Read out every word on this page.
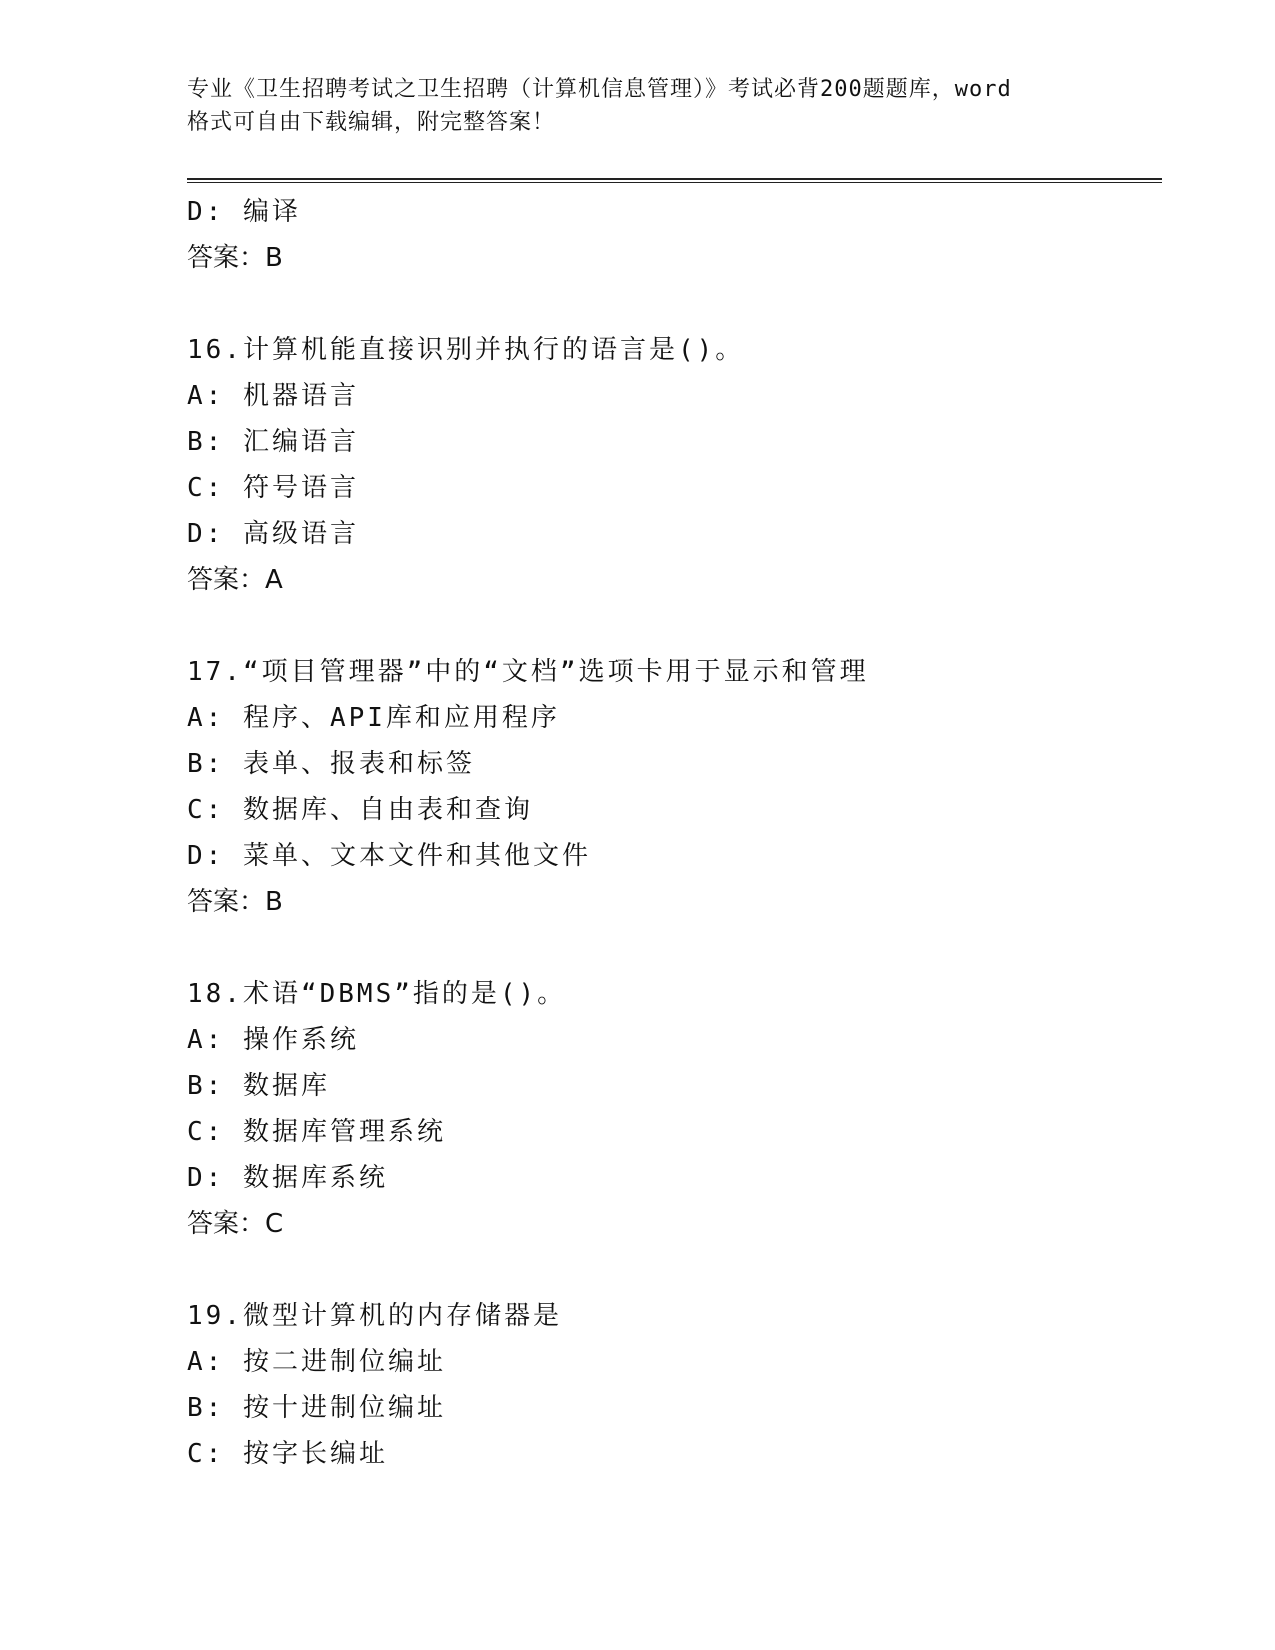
专业《卫生招聘考试之卫生招聘（计算机信息管理）》考试必背200题题库，word
格式可自由下载编辑，附完整答案！
D: 编译
答案：B
16.计算机能直接识别并执行的语言是()。
A: 机器语言
B: 汇编语言
C: 符号语言
D: 高级语言
答案：A
17.“项目管理器”中的“文档”选项卡用于显示和管理
A: 程序、API库和应用程序
B: 表单、报表和标签
C: 数据库、自由表和查询
D: 菜单、文本文件和其他文件
答案：B
18.术语“DBMS”指的是()。
A: 操作系统
B: 数据库
C: 数据库管理系统
D: 数据库系统
答案：C
19.微型计算机的内存储器是
A: 按二进制位编址
B: 按十进制位编址
C: 按字长编址
